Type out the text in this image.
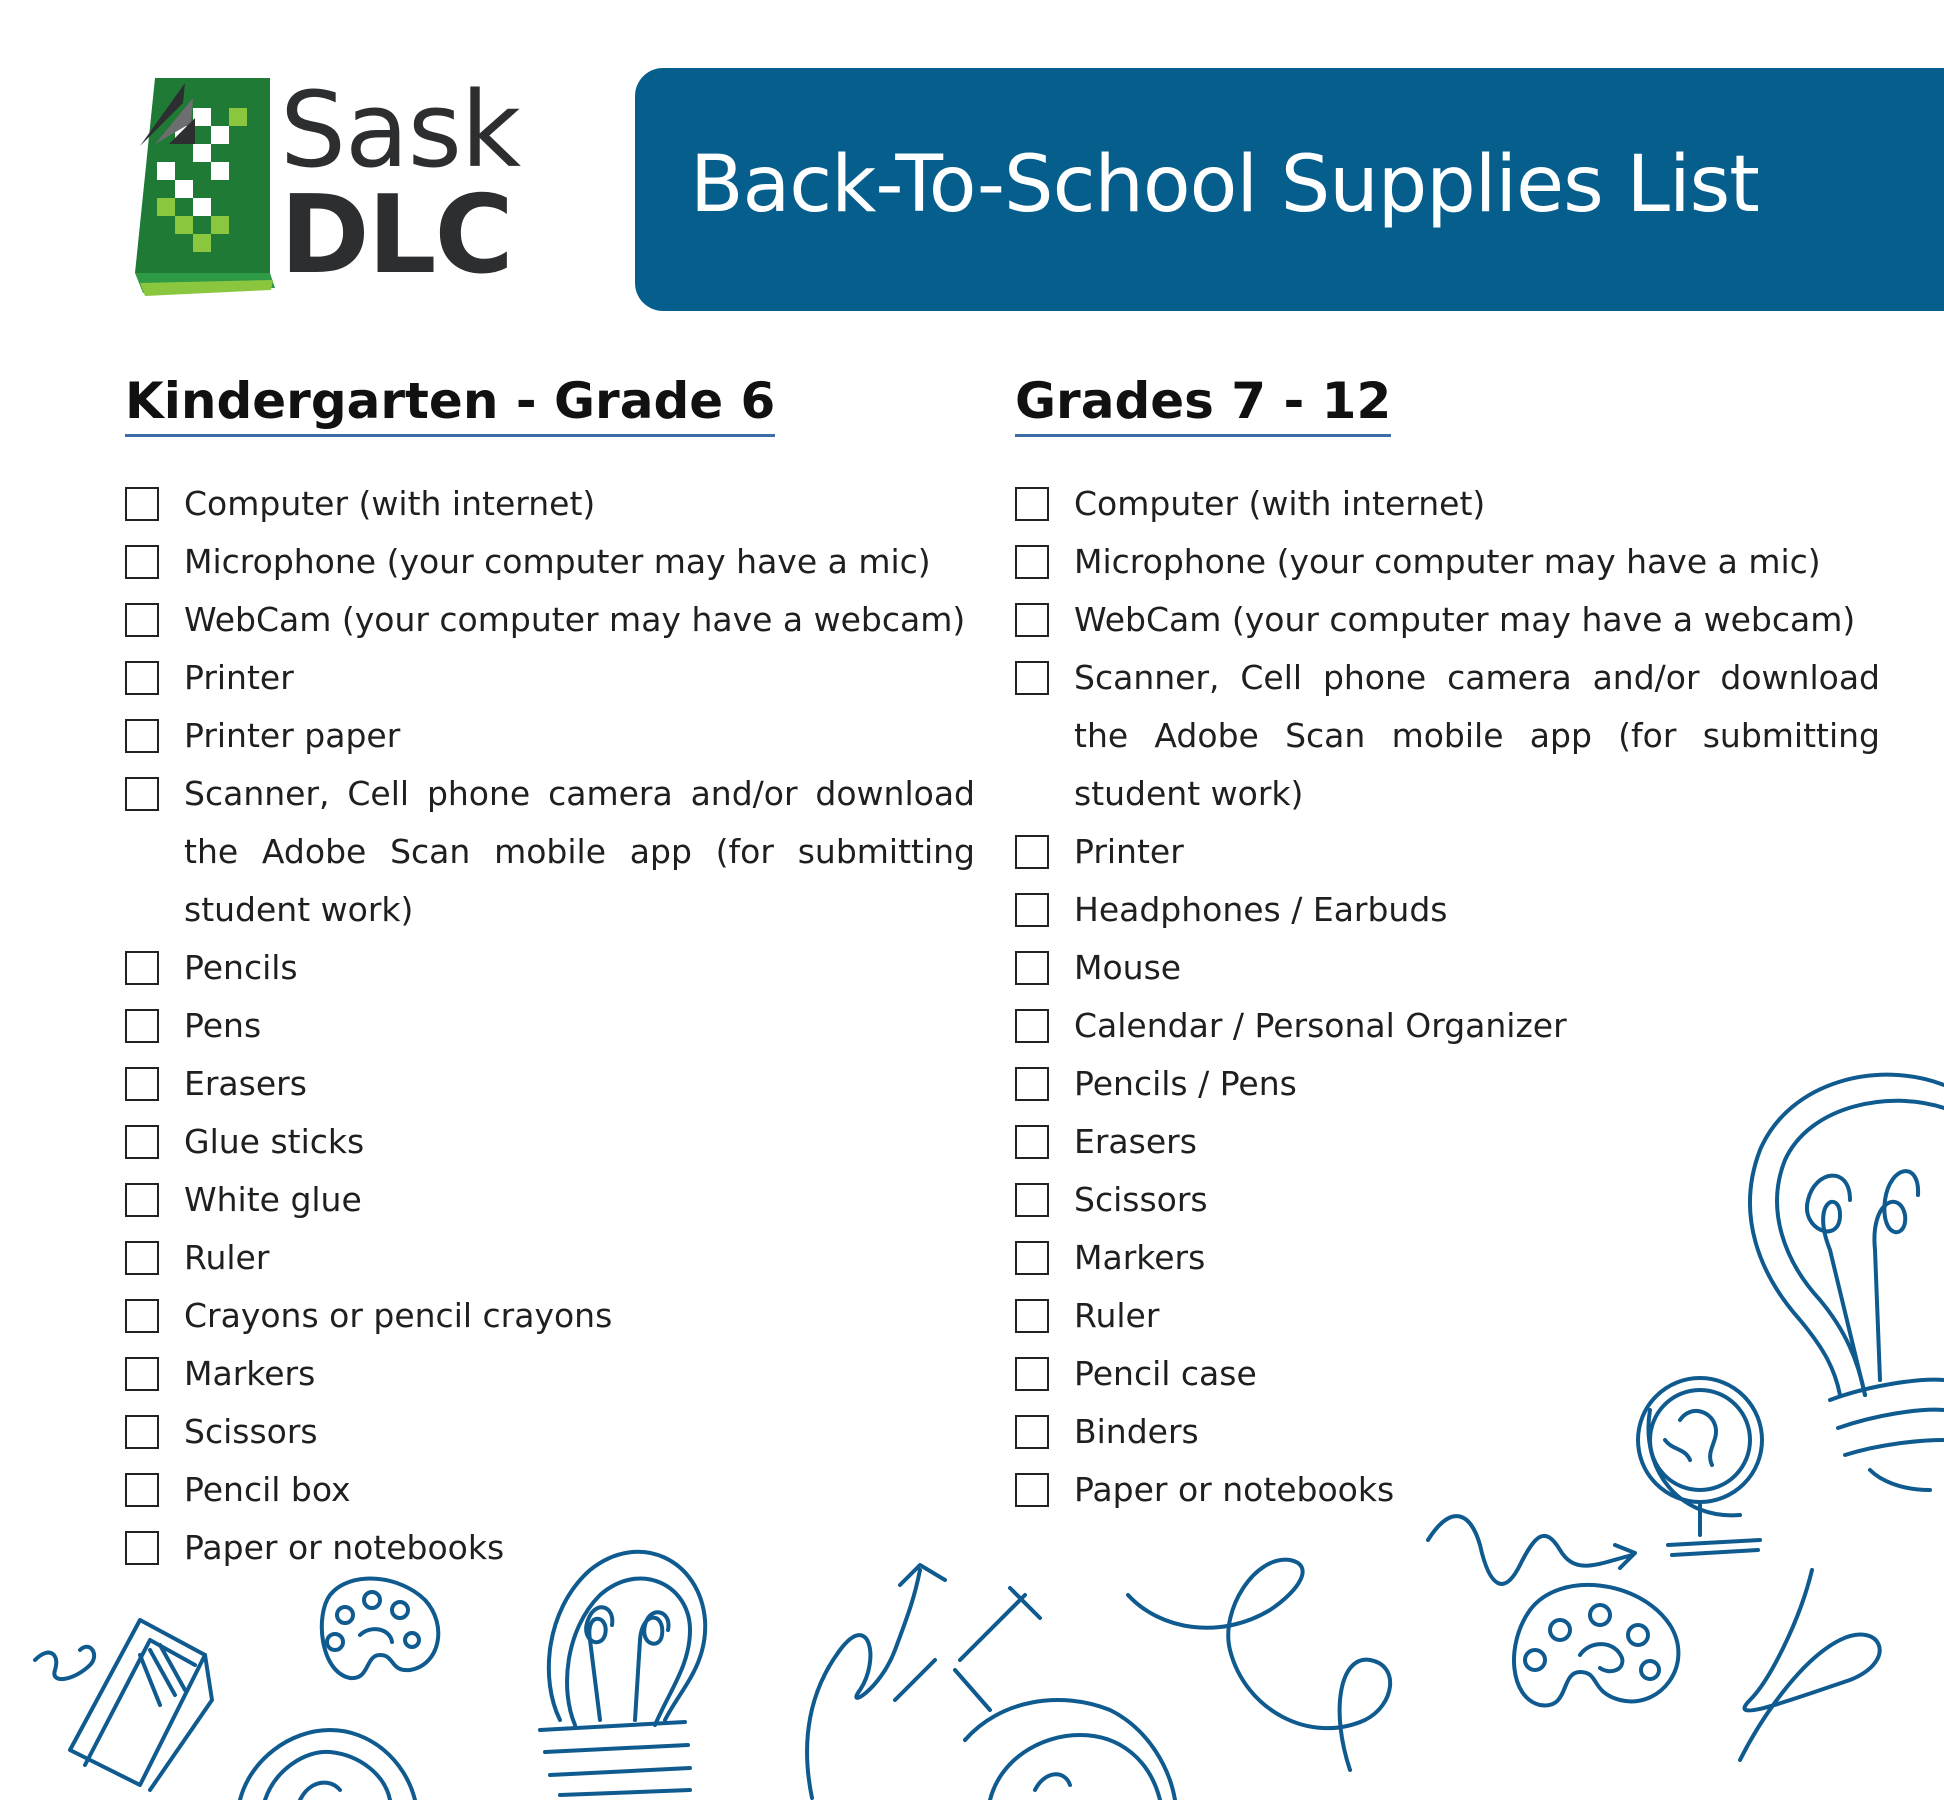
Sask
DLC	Back-To-School Supplies List
Kindergarten - Grade 6
Computer (with internet)
Microphone (your computer may have a mic)
WebCam (your computer may have a webcam)
Printer
Printer paper
Scanner, Cell phone camera and/or download the Adobe Scan mobile app (for submitting student work)
Pencils
Pens
Erasers
Glue sticks
White glue
Ruler
Crayons or pencil crayons
Markers
Scissors
Pencil box
Paper or notebooks
Grades 7 - 12
Computer (with internet)
Microphone (your computer may have a mic)
WebCam (your computer may have a webcam)
Scanner, Cell phone camera and/or download the Adobe Scan mobile app (for submitting student work)
Printer
Headphones / Earbuds
Mouse
Calendar / Personal Organizer
Pencils / Pens
Erasers
Scissors
Markers
Ruler
Pencil case
Binders
Paper or notebooks
